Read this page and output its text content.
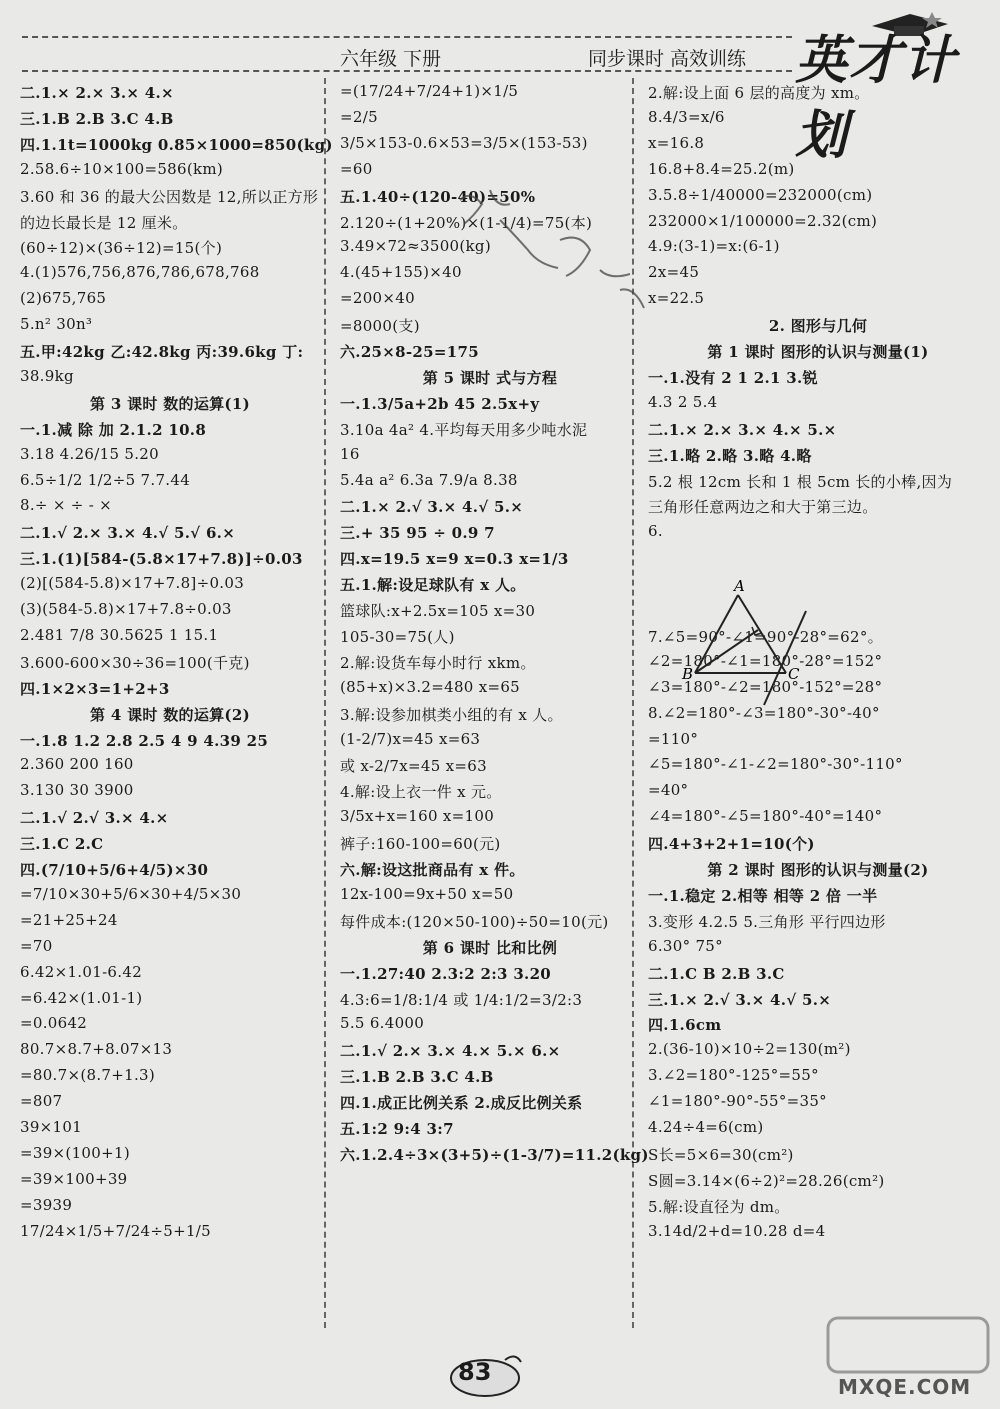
六年级 下册	同步课时 高效训练 英才计划
二.1.× 2.× 3.× 4.×
三.1.B 2.B 3.C 4.B
四.1.1t=1000kg 0.85×1000=850(kg)
2.58.6÷10×100=586(km)
3.60 和 36 的最大公因数是 12,所以正方形
的边长最长是 12 厘米。
(60÷12)×(36÷12)=15(个)
4.(1)576,756,876,786,678,768
(2)675,765
5.n² 30n³
五.甲:42kg 乙:42.8kg 丙:39.6kg 丁:
38.9kg
第 3 课时 数的运算(1)
一.1.减 除 加 2.1.2 10.8
3.18 4.26/15 5.20
6.5÷1/2 1/2÷5 7.7.44
8.÷ × ÷ - ×
二.1.√ 2.× 3.× 4.√ 5.√ 6.×
三.1.(1)[584-(5.8×17+7.8)]÷0.03
(2)[(584-5.8)×17+7.8]÷0.03
(3)(584-5.8)×17+7.8÷0.03
2.481 7/8 30.5625 1 15.1
3.600-600×30÷36=100(千克)
四.1×2×3=1+2+3
第 4 课时 数的运算(2)
一.1.8 1.2 2.8 2.5 4 9 4.39 25
2.360 200 160
3.130 30 3900
二.1.√ 2.√ 3.× 4.×
三.1.C 2.C
四.(7/10+5/6+4/5)×30
=7/10×30+5/6×30+4/5×30
=21+25+24
=70
6.42×1.01-6.42
=6.42×(1.01-1)
=0.0642
80.7×8.7+8.07×13
=80.7×(8.7+1.3)
=807
39×101
=39×(100+1)
=39×100+39
=3939
17/24×1/5+7/24÷5+1/5
=(17/24+7/24+1)×1/5
=2/5
3/5×153-0.6×53=3/5×(153-53)
=60
五.1.40÷(120-40)=50%
2.120÷(1+20%)×(1-1/4)=75(本)
3.49×72≈3500(kg)
4.(45+155)×40
=200×40
=8000(支)
六.25×8-25=175
第 5 课时 式与方程
一.1.3/5a+2b 45 2.5x+y
3.10a 4a² 4.平均每天用多少吨水泥
16
5.4a a² 6.3a 7.9/a 8.38
二.1.× 2.√ 3.× 4.√ 5.×
三.+ 35 95 ÷ 0.9 7
四.x=19.5 x=9 x=0.3 x=1/3
五.1.解:设足球队有 x 人。
篮球队:x+2.5x=105 x=30
105-30=75(人)
2.解:设货车每小时行 xkm。
(85+x)×3.2=480 x=65
3.解:设参加棋类小组的有 x 人。
(1-2/7)x=45 x=63
或 x-2/7x=45 x=63
4.解:设上衣一件 x 元。
3/5x+x=160 x=100
裤子:160-100=60(元)
六.解:设这批商品有 x 件。
12x-100=9x+50 x=50
每件成本:(120×50-100)÷50=10(元)
第 6 课时 比和比例
一.1.27:40 2.3:2 2:3 3.20
4.3:6=1/8:1/4 或 1/4:1/2=3/2:3
5.5 6.4000
二.1.√ 2.× 3.× 4.× 5.× 6.×
三.1.B 2.B 3.C 4.B
四.1.成正比例关系 2.成反比例关系
五.1:2 9:4 3:7
六.1.2.4÷3×(3+5)÷(1-3/7)=11.2(kg)
2.解:设上面 6 层的高度为 xm。
8.4/3=x/6
x=16.8
16.8+8.4=25.2(m)
3.5.8÷1/40000=232000(cm)
232000×1/100000=2.32(cm)
4.9:(3-1)=x:(6-1)
2x=45
x=22.5
2. 图形与几何
第 1 课时 图形的认识与测量(1)
一.1.没有 2 1 2.1 3.锐
4.3 2 5.4
二.1.× 2.× 3.× 4.× 5.×
三.1.略 2.略 3.略 4.略
5.2 根 12cm 长和 1 根 5cm 长的小棒,因为
三角形任意两边之和大于第三边。
6.
7.∠5=90°-∠1=90°-28°=62°。
∠2=180°-∠1=180°-28°=152°
∠3=180°-∠2=180°-152°=28°
8.∠2=180°-∠3=180°-30°-40°
=110°
∠5=180°-∠1-∠2=180°-30°-110°
=40°
∠4=180°-∠5=180°-40°=140°
四.4+3+2+1=10(个)
第 2 课时 图形的认识与测量(2)
一.1.稳定 2.相等 相等 2 倍 一半
3.变形 4.2.5 5.三角形 平行四边形
6.30° 75°
二.1.C B 2.B 3.C
三.1.× 2.√ 3.× 4.√ 5.×
四.1.6cm
2.(36-10)×10÷2=130(m²)
3.∠2=180°-125°=55°
∠1=180°-90°-55°=35°
4.24÷4=6(cm)
S长=5×6=30(cm²)
S圆=3.14×(6÷2)²=28.26(cm²)
5.解:设直径为 dm。
3.14d/2+d=10.28 d=4
A
B	C
83
MXQE.COM
